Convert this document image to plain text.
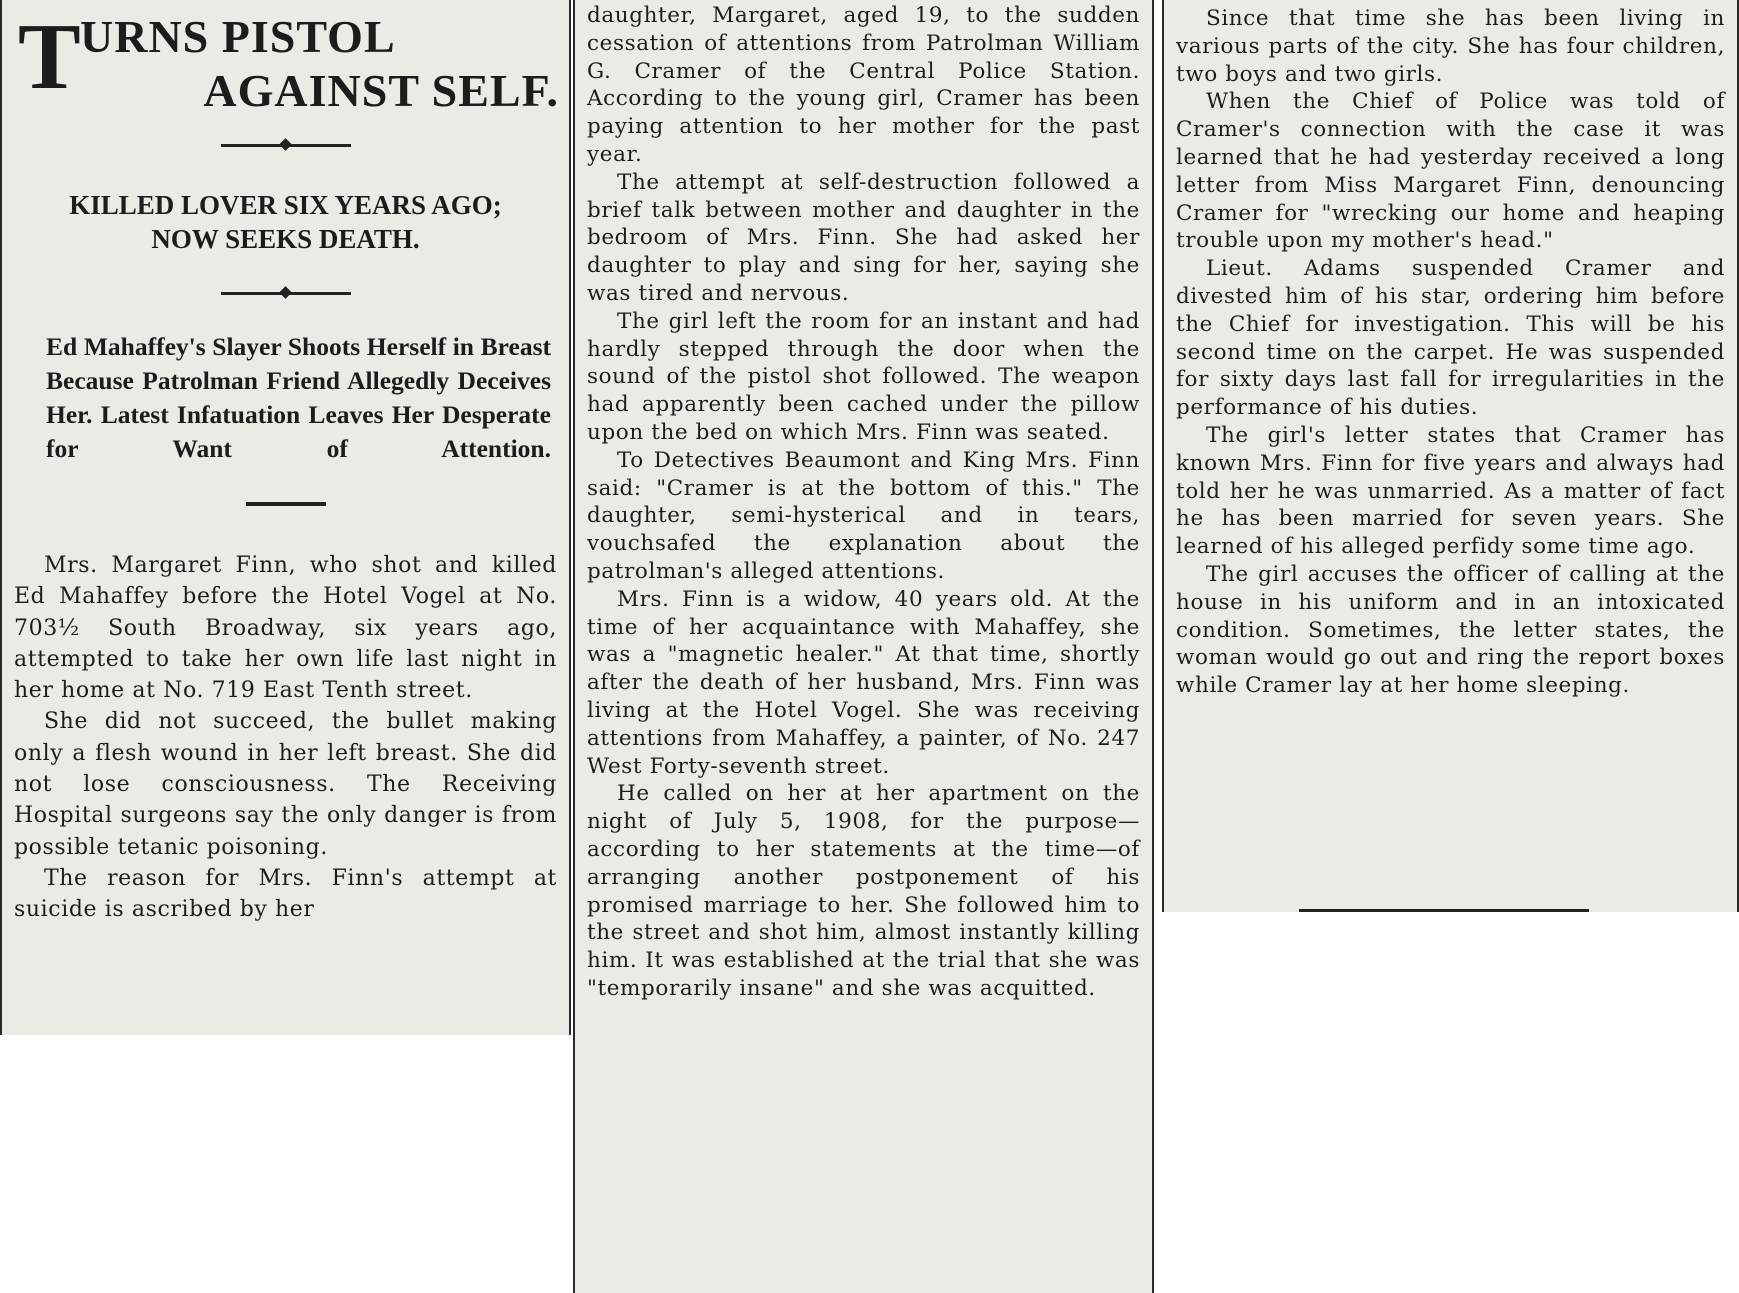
T URNS PISTOL
AGAINST SELF.
KILLED LOVER SIX YEARS AGO;
NOW SEEKS DEATH.
Ed Mahaffey's Slayer Shoots Herself in Breast Because Patrolman Friend Allegedly Deceives Her. Latest Infatuation Leaves Her Desperate for Want of Attention.

Mrs. Margaret Finn, who shot and killed Ed Mahaffey before the Hotel Vogel at No. 703½ South Broadway, six years ago, attempted to take her own life last night in her home at No. 719 East Tenth street.

She did not succeed, the bullet making only a flesh wound in her left breast. She did not lose consciousness. The Receiving Hospital surgeons say the only danger is from possible tetanic poisoning.

The reason for Mrs. Finn's attempt at suicide is ascribed by her

daughter, Margaret, aged 19, to the sudden cessation of attentions from Patrolman William G. Cramer of the Central Police Station. According to the young girl, Cramer has been paying attention to her mother for the past year.

The attempt at self-destruction followed a brief talk between mother and daughter in the bedroom of Mrs. Finn. She had asked her daughter to play and sing for her, saying she was tired and nervous.

The girl left the room for an instant and had hardly stepped through the door when the sound of the pistol shot followed. The weapon had apparently been cached under the pillow upon the bed on which Mrs. Finn was seated.

To Detectives Beaumont and King Mrs. Finn said: "Cramer is at the bottom of this." The daughter, semi-hysterical and in tears, vouchsafed the explanation about the patrolman's alleged attentions.

Mrs. Finn is a widow, 40 years old. At the time of her acquaintance with Mahaffey, she was a "magnetic healer." At that time, shortly after the death of her husband, Mrs. Finn was living at the Hotel Vogel. She was receiving attentions from Mahaffey, a painter, of No. 247 West Forty-seventh street.

He called on her at her apartment on the night of July 5, 1908, for the purpose—according to her statements at the time—of arranging another postponement of his promised marriage to her. She followed him to the street and shot him, almost instantly killing him. It was established at the trial that she was "temporarily insane" and she was acquitted.

Since that time she has been living in various parts of the city. She has four children, two boys and two girls.

When the Chief of Police was told of Cramer's connection with the case it was learned that he had yesterday received a long letter from Miss Margaret Finn, denouncing Cramer for "wrecking our home and heaping trouble upon my mother's head."

Lieut. Adams suspended Cramer and divested him of his star, ordering him before the Chief for investigation. This will be his second time on the carpet. He was suspended for sixty days last fall for irregularities in the performance of his duties.

The girl's letter states that Cramer has known Mrs. Finn for five years and always had told her he was unmarried. As a matter of fact he has been married for seven years. She learned of his alleged perfidy some time ago.

The girl accuses the officer of calling at the house in his uniform and in an intoxicated condition. Sometimes, the letter states, the woman would go out and ring the report boxes while Cramer lay at her home sleeping.
